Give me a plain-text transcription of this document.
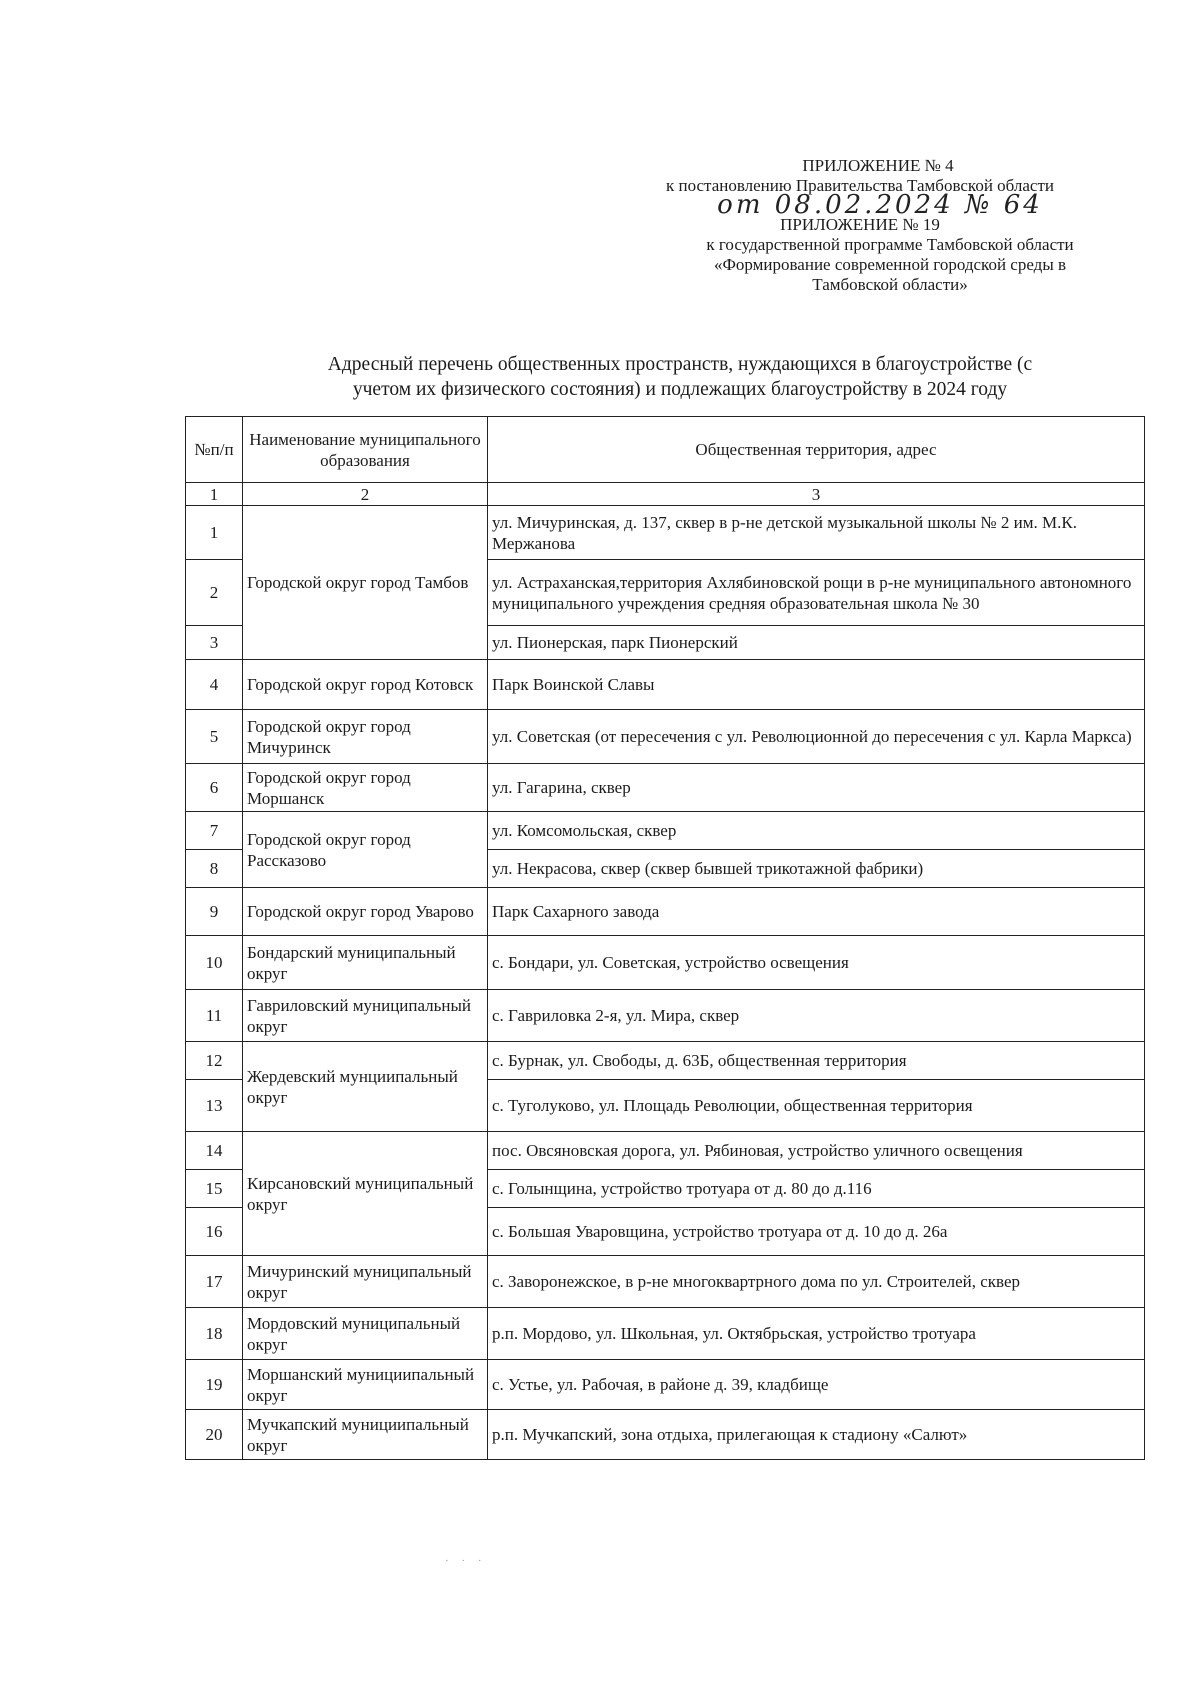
ПРИЛОЖЕНИЕ № 4
к постановлению Правительства Тамбовской области
от 08.02.2024 № 64
ПРИЛОЖЕНИЕ № 19
к государственной программе Тамбовской области
«Формирование современной городской среды в
Тамбовской области»
Адресный перечень общественных пространств, нуждающихся в благоустройстве (с
учетом их физического состояния) и подлежащих благоустройству в 2024 году
№п/п	Наименование муниципального образования	Общественная территория, адрес
1	2	3
1	Городской округ город Тамбов	ул. Мичуринская, д. 137, сквер в р-не детской музыкальной школы № 2 им. М.К. Мержанова
2		ул. Астраханская,территория Ахлябиновской рощи в р-не муниципального автономного муниципального учреждения средняя образовательная школа № 30
3		ул. Пионерская, парк Пионерский
4	Городской округ город Котовск	Парк Воинской Славы
5	Городской округ город Мичуринск	ул. Советская (от пересечения с ул. Революционной до пересечения с ул. Карла Маркса)
6	Городской округ город Моршанск	ул. Гагарина, сквер
7	Городской округ город Рассказово	ул. Комсомольская, сквер
8		ул. Некрасова, сквер (сквер бывшей трикотажной фабрики)
9	Городской округ город Уварово	Парк Сахарного завода
10	Бондарский муниципальный округ	с. Бондари, ул. Советская, устройство освещения
11	Гавриловский муниципальный округ	с. Гавриловка 2-я, ул. Мира, сквер
12	Жердевский мунциипальный округ	с. Бурнак, ул. Свободы, д. 63Б, общественная территория
13		с. Туголуково, ул. Площадь Революции, общественная территория
14	Кирсановский муниципальный округ	пос. Овсяновская дорога, ул. Рябиновая, устройство уличного освещения
15		с. Голынщина, устройство тротуара от д. 80 до д.116
16		с. Большая Уваровщина, устройство тротуара от д. 10 до д. 26а
17	Мичуринский муниципальный округ	с. Заворонежское, в р-не многоквартрного дома по ул. Строителей, сквер
18	Мордовский муниципальный округ	р.п. Мордово, ул. Школьная, ул. Октябрьская, устройство тротуара
19	Моршанский мунициипальный округ	с. Устье, ул. Рабочая, в районе д. 39, кладбище
20	Мучкапский мунициипальный округ	р.п. Мучкапский, зона отдыха, прилегающая к стадиону «Салют»
· · ·
